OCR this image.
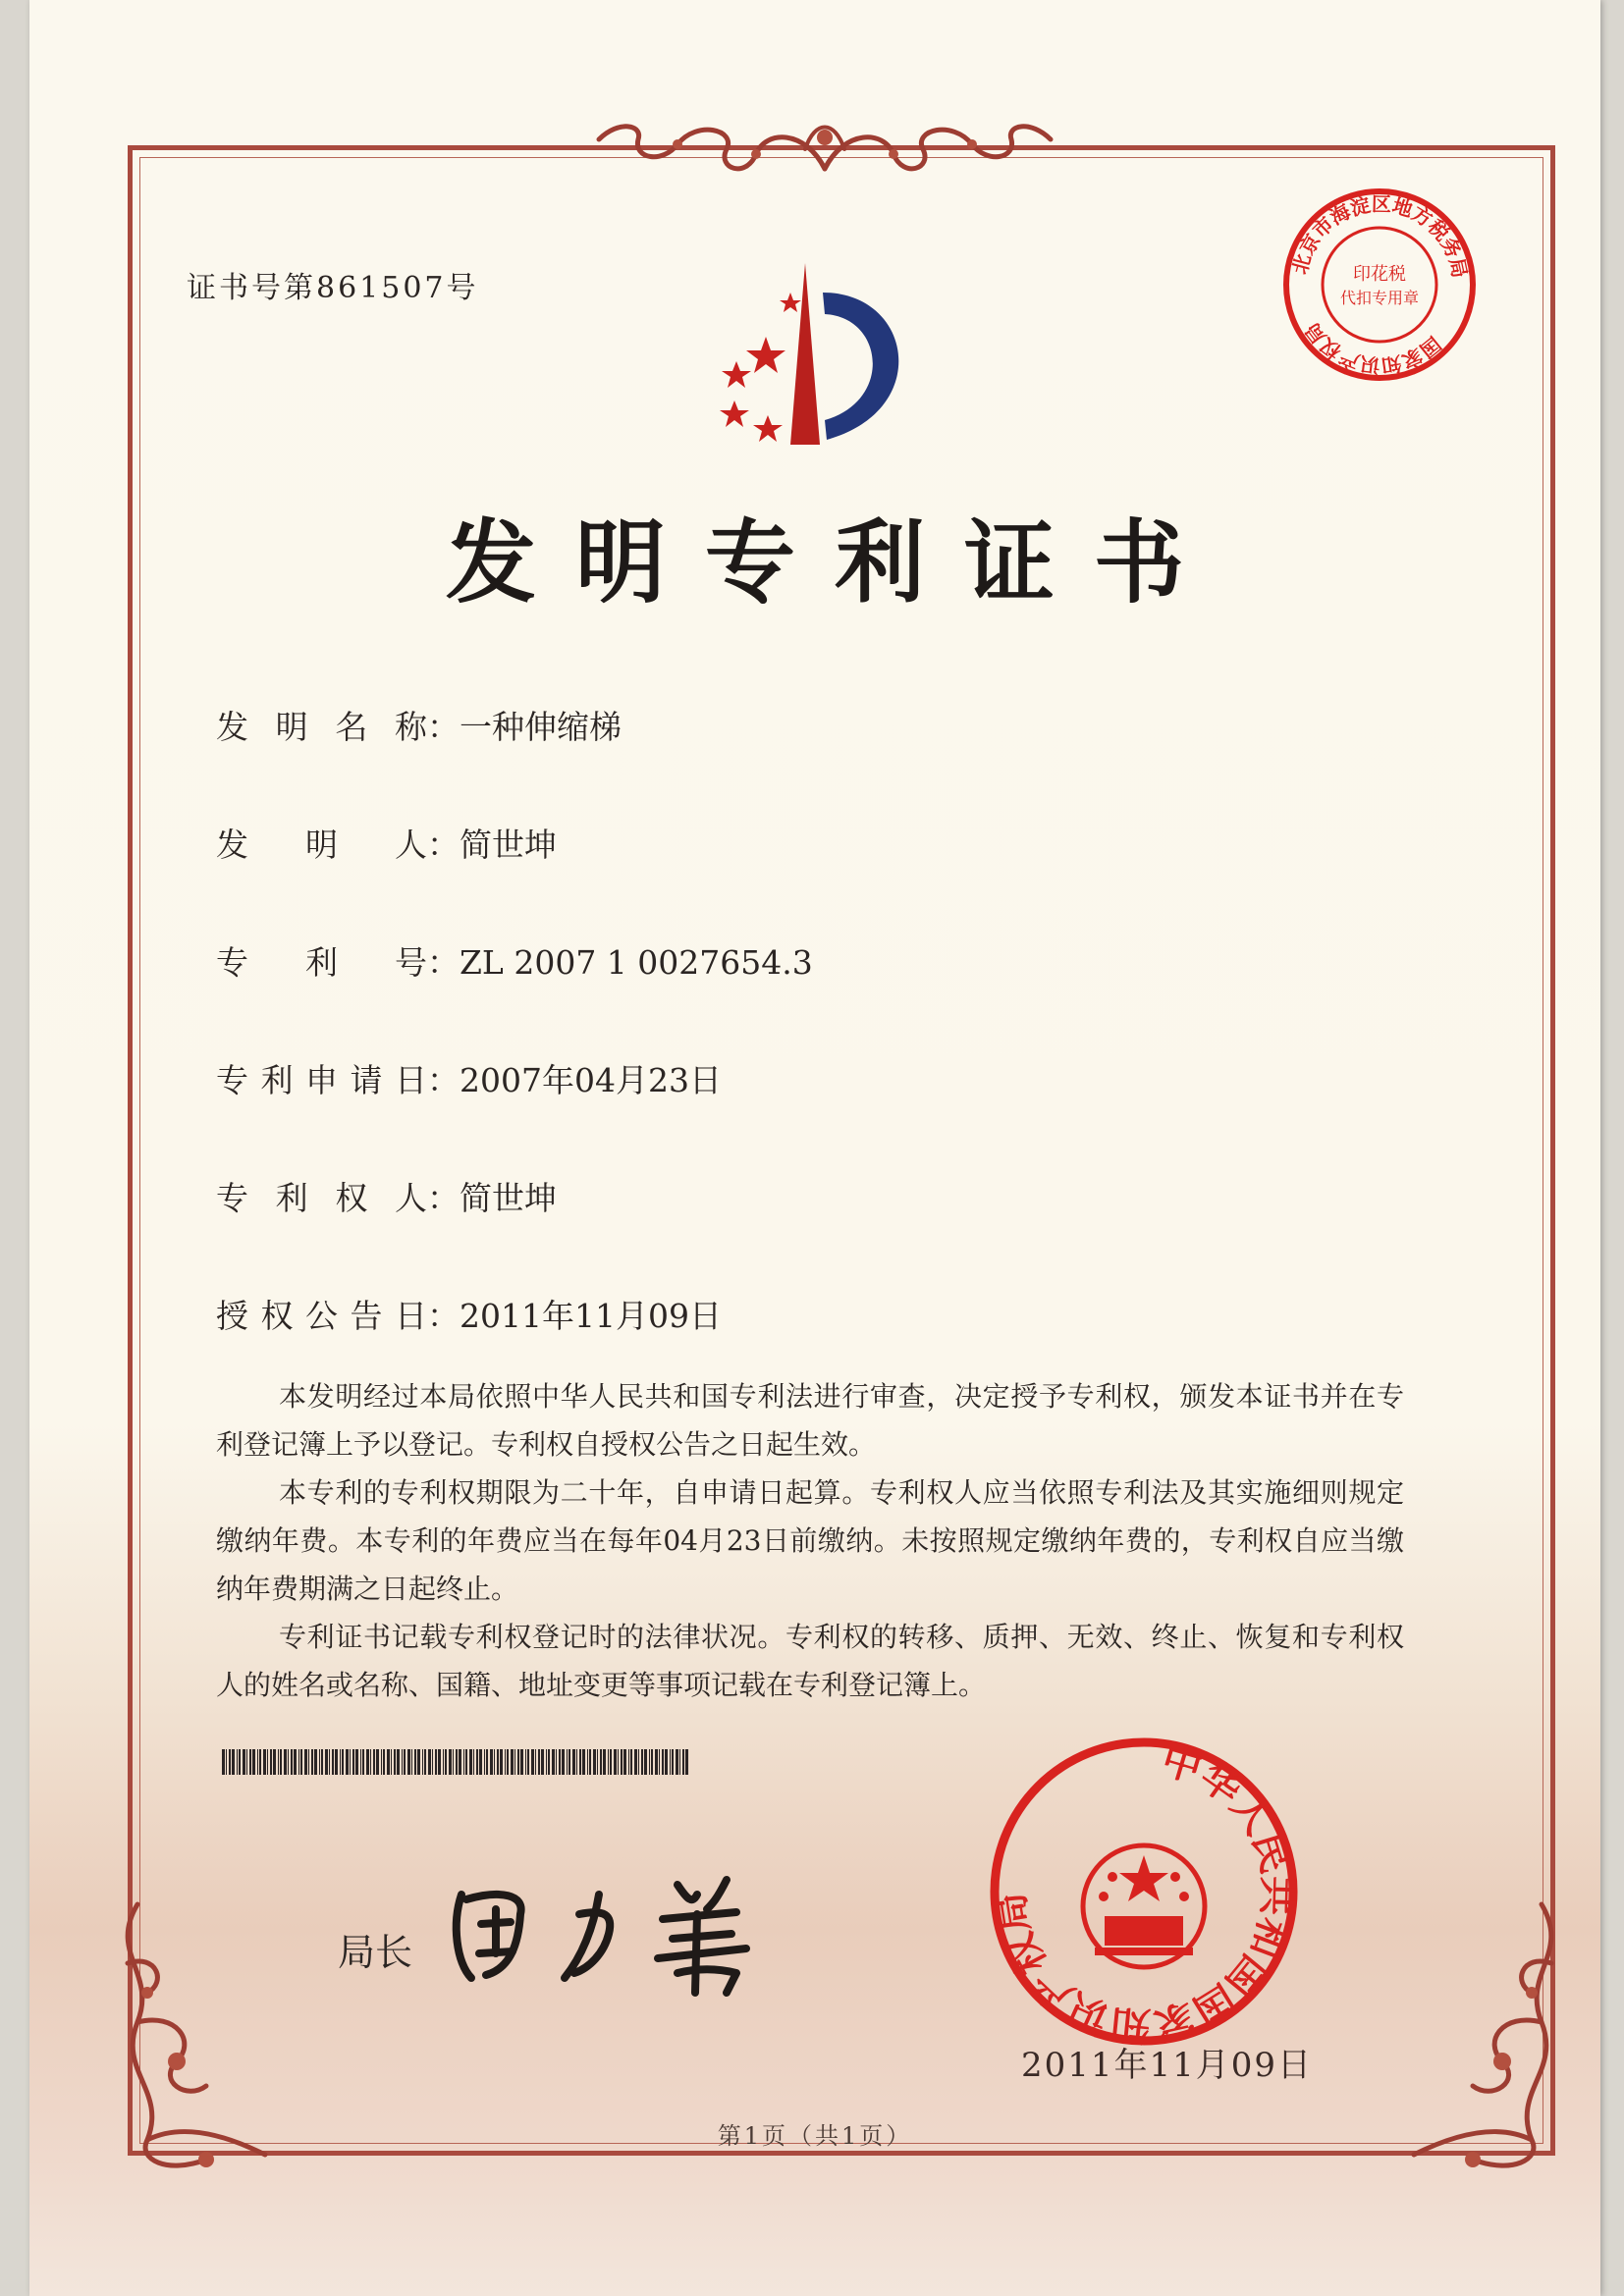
证书号第861507号
北京市海淀区地方税务局
印花税
代扣专用章
国家知识产权局
发明专利证书
发明名称：一种伸缩梯
发明人：简世坤
专利号：ZL 2007 1 0027654.3
专利申请日：2007年04月23日
专利权人：简世坤
授权公告日：2011年11月09日

本发明经过本局依照中华人民共和国专利法进行审查，决定授予专利权，颁发本证书并在专利登记簿上予以登记。专利权自授权公告之日起生效。

本专利的专利权期限为二十年，自申请日起算。专利权人应当依照专利法及其实施细则规定缴纳年费。本专利的年费应当在每年04月23日前缴纳。未按照规定缴纳年费的，专利权自应当缴纳年费期满之日起终止。

专利证书记载专利权登记时的法律状况。专利权的转移、质押、无效、终止、恢复和专利权人的姓名或名称、国籍、地址变更等事项记载在专利登记簿上。

局长
中华人民共和国国家知识产权局
2011年11月09日
第1页（共1页）
